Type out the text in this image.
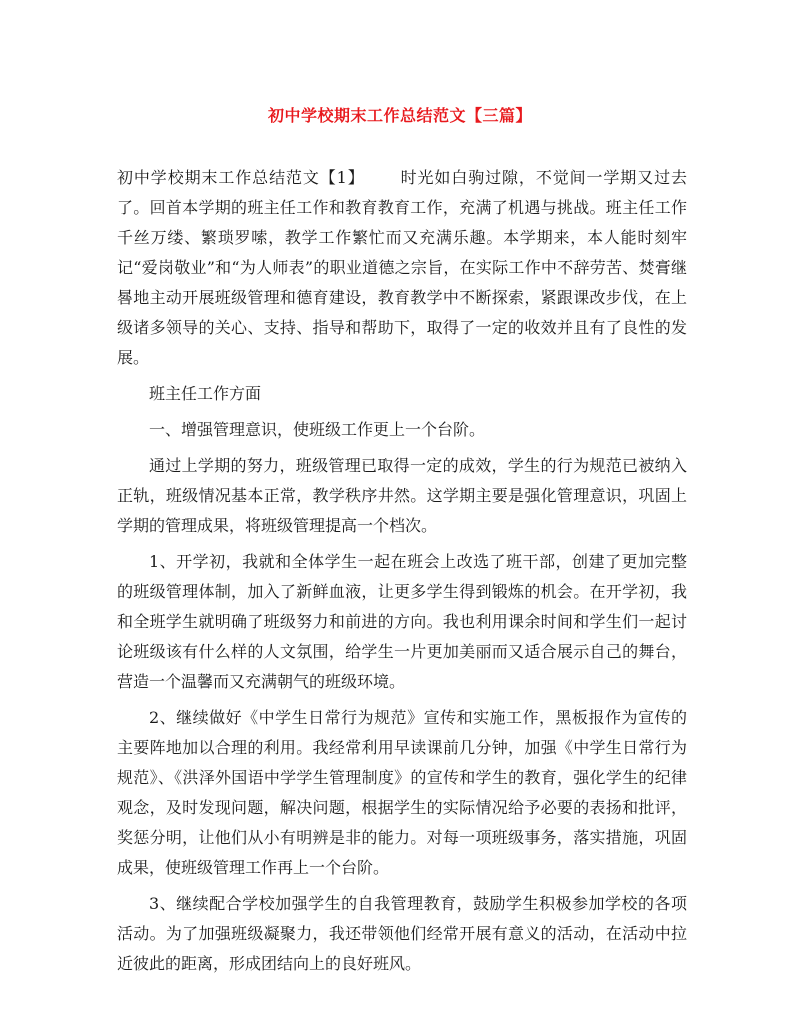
初中学校期末工作总结范文【三篇】

初中学校期末工作总结范文【1】 时光如白驹过隙，不觉间一学期又过去了。回首本学期的班主任工作和教育教育工作，充满了机遇与挑战。班主任工作千丝万缕、繁琐罗嗦，教学工作繁忙而又充满乐趣。本学期来，本人能时刻牢记“爱岗敬业”和“为人师表”的职业道德之宗旨，在实际工作中不辞劳苦、焚膏继晷地主动开展班级管理和德育建设，教育教学中不断探索，紧跟课改步伐，在上级诸多领导的关心、支持、指导和帮助下，取得了一定的收效并且有了良性的发展。

班主任工作方面

一、增强管理意识，使班级工作更上一个台阶。

通过上学期的努力，班级管理已取得一定的成效，学生的行为规范已被纳入正轨，班级情况基本正常，教学秩序井然。这学期主要是强化管理意识，巩固上学期的管理成果，将班级管理提高一个档次。

1、开学初，我就和全体学生一起在班会上改选了班干部，创建了更加完整的班级管理体制，加入了新鲜血液，让更多学生得到锻炼的机会。在开学初，我和全班学生就明确了班级努力和前进的方向。我也利用课余时间和学生们一起讨论班级该有什么样的人文氛围，给学生一片更加美丽而又适合展示自己的舞台，营造一个温馨而又充满朝气的班级环境。

2、继续做好《中学生日常行为规范》宣传和实施工作，黑板报作为宣传的主要阵地加以合理的利用。我经常利用早读课前几分钟，加强《中学生日常行为规范》、《洪泽外国语中学学生管理制度》的宣传和学生的教育，强化学生的纪律观念，及时发现问题，解决问题，根据学生的实际情况给予必要的表扬和批评，奖惩分明，让他们从小有明辨是非的能力。对每一项班级事务，落实措施，巩固成果，使班级管理工作再上一个台阶。

3、继续配合学校加强学生的自我管理教育，鼓励学生积极参加学校的各项活动。为了加强班级凝聚力，我还带领他们经常开展有意义的活动，在活动中拉近彼此的距离，形成团结向上的良好班风。
